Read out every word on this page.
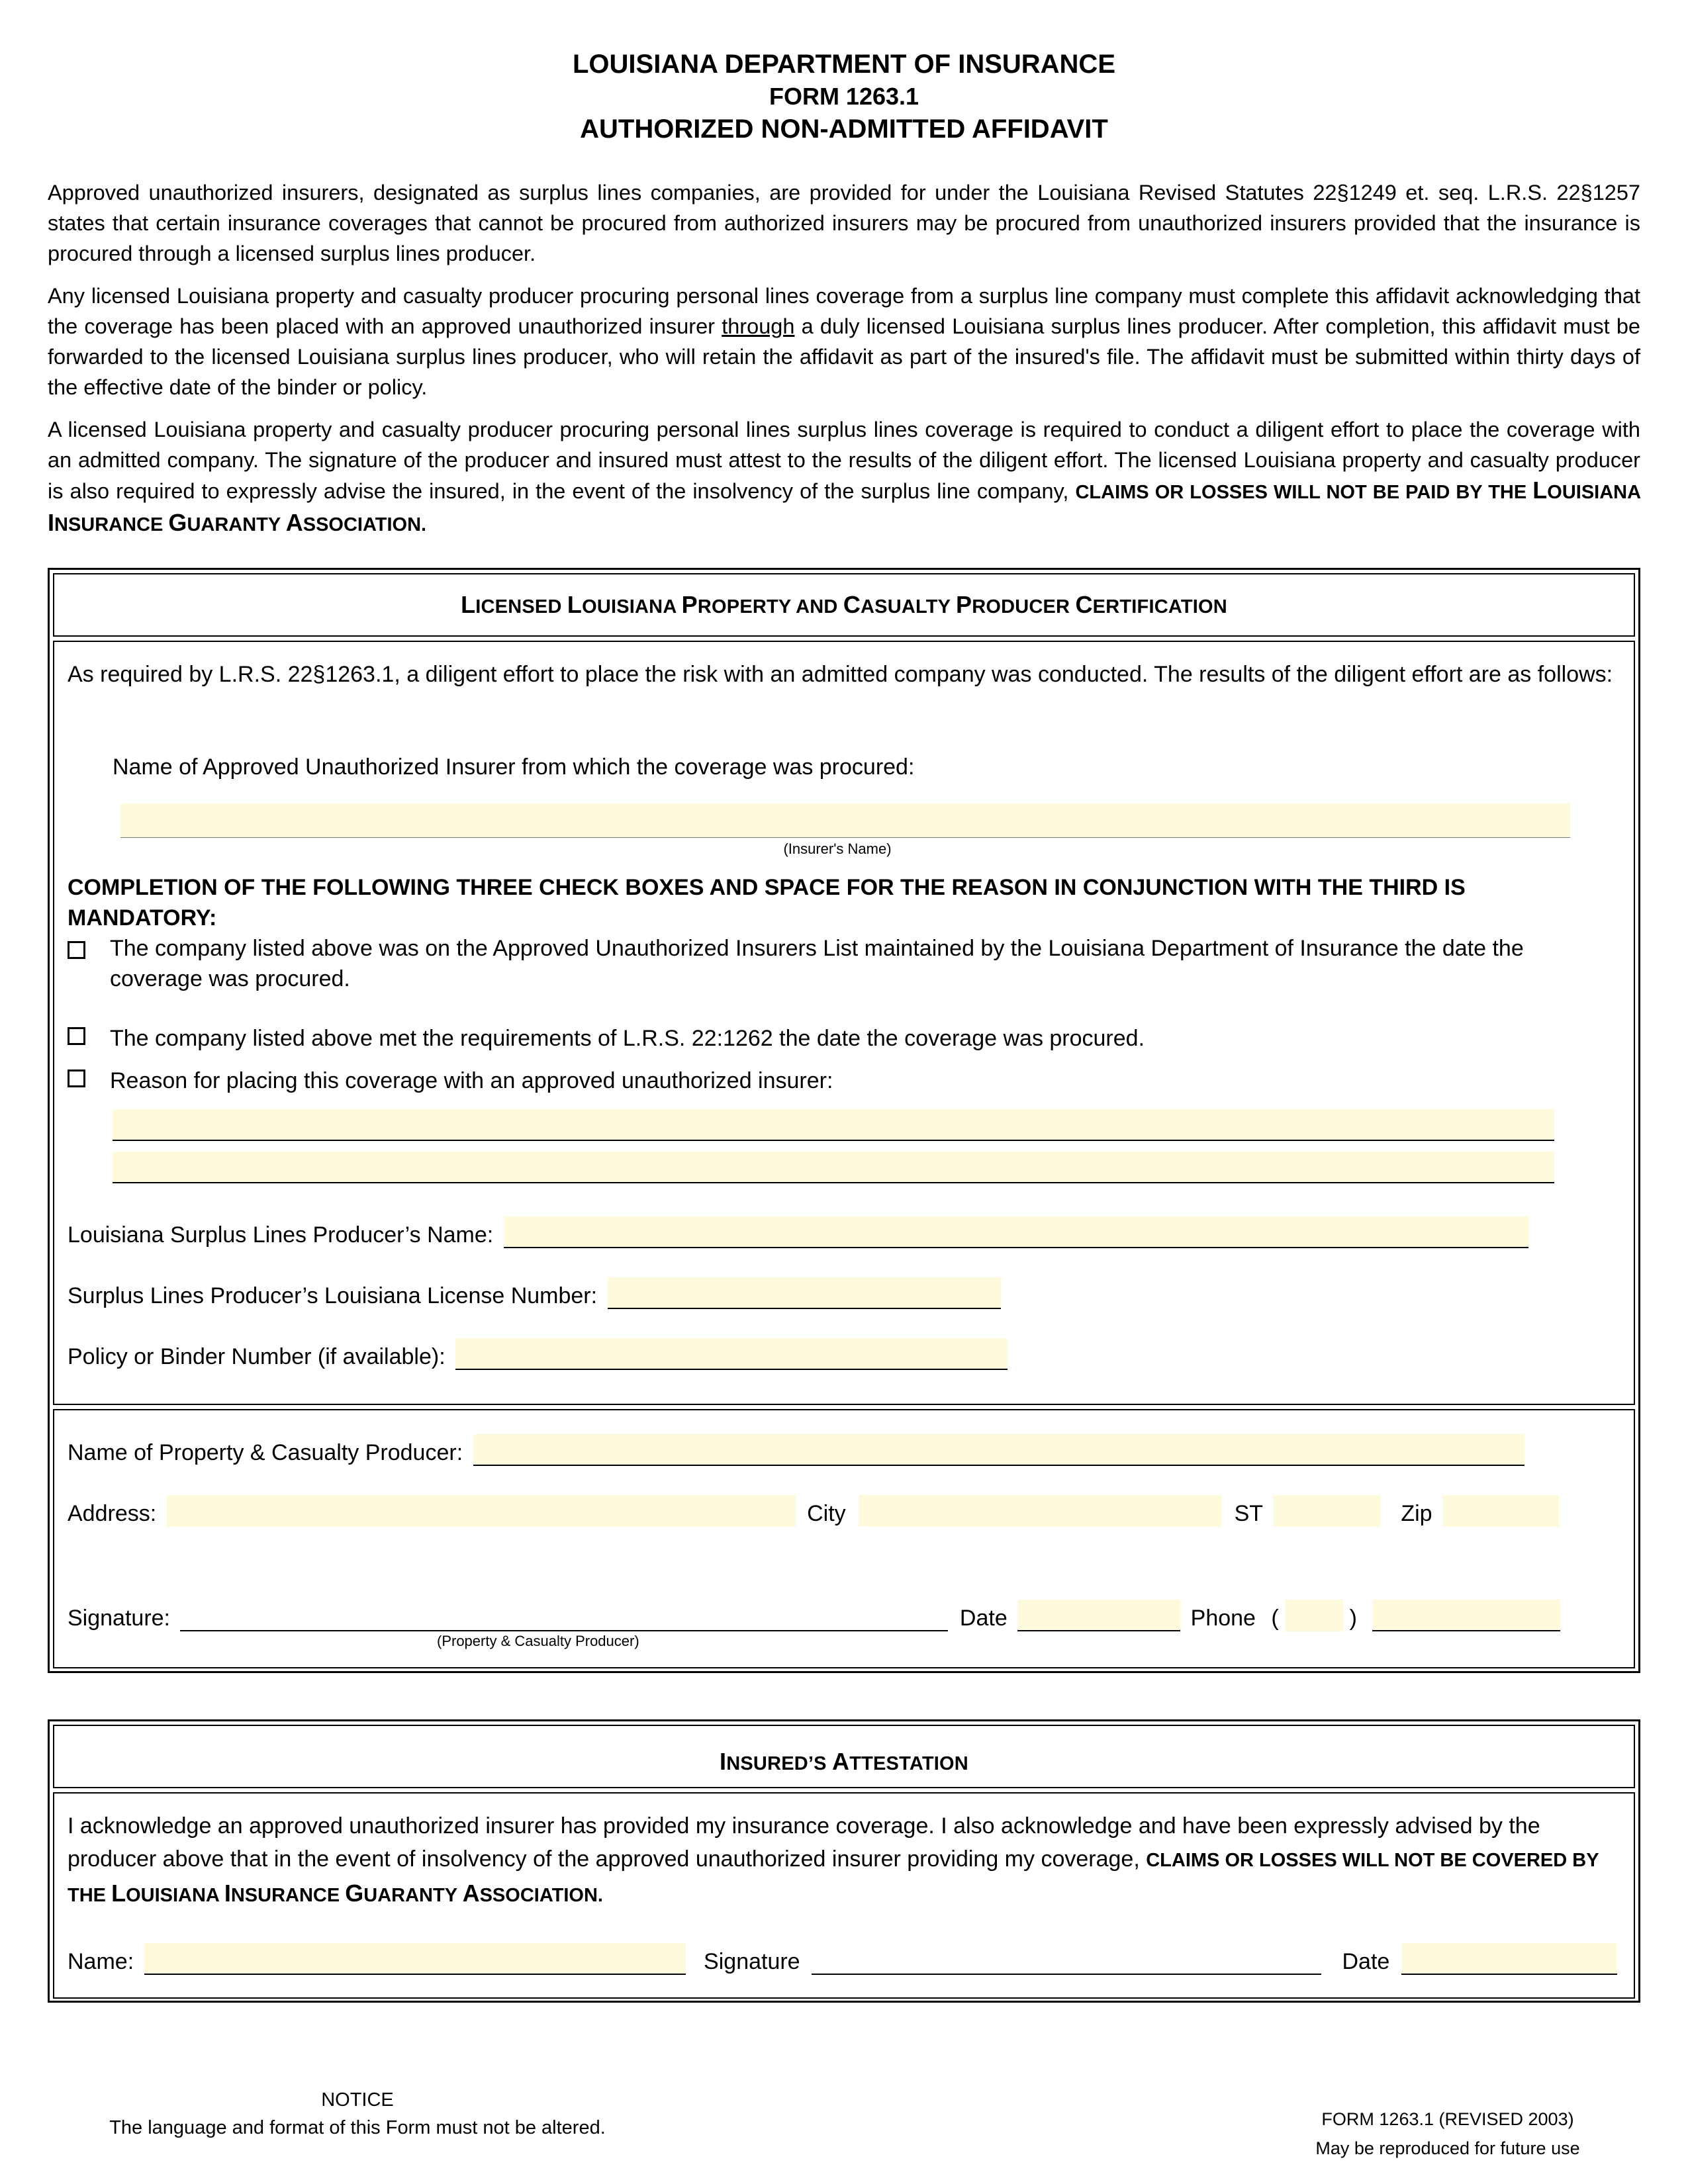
LOUISIANA DEPARTMENT OF INSURANCE
FORM 1263.1
AUTHORIZED NON-ADMITTED AFFIDAVIT

Approved unauthorized insurers, designated as surplus lines companies, are provided for under the Louisiana Revised Statutes 22§1249 et. seq. L.R.S. 22§1257 states that certain insurance coverages that cannot be procured from authorized insurers may be procured from unauthorized insurers provided that the insurance is procured through a licensed surplus lines producer.

Any licensed Louisiana property and casualty producer procuring personal lines coverage from a surplus line company must complete this affidavit acknowledging that the coverage has been placed with an approved unauthorized insurer through a duly licensed Louisiana surplus lines producer. After completion, this affidavit must be forwarded to the licensed Louisiana surplus lines producer, who will retain the affidavit as part of the insured's file. The affidavit must be submitted within thirty days of the effective date of the binder or policy.

A licensed Louisiana property and casualty producer procuring personal lines surplus lines coverage is required to conduct a diligent effort to place the coverage with an admitted company. The signature of the producer and insured must attest to the results of the diligent effort. The licensed Louisiana property and casualty producer is also required to expressly advise the insured, in the event of the insolvency of the surplus line company, CLAIMS OR LOSSES WILL NOT BE PAID BY THE LOUISIANA INSURANCE GUARANTY ASSOCIATION.

LICENSED LOUISIANA PROPERTY AND CASUALTY PRODUCER CERTIFICATION
As required by L.R.S. 22§1263.1, a diligent effort to place the risk with an admitted company was conducted. The results of the diligent effort are as follows:
Name of Approved Unauthorized Insurer from which the coverage was procured:
(Insurer's Name)
COMPLETION OF THE FOLLOWING THREE CHECK BOXES AND SPACE FOR THE REASON IN CONJUNCTION WITH THE THIRD IS MANDATORY:
The company listed above was on the Approved Unauthorized Insurers List maintained by the Louisiana Department of Insurance the date the coverage was procured.
The company listed above met the requirements of L.R.S. 22:1262 the date the coverage was procured.
Reason for placing this coverage with an approved unauthorized insurer:
Louisiana Surplus Lines Producer’s Name:
Surplus Lines Producer’s Louisiana License Number:
Policy or Binder Number (if available):
Name of Property & Casualty Producer:
Address:	City	ST	Zip
Signature:	Date	Phone (	)
(Property & Casualty Producer)
INSURED’S ATTESTATION
I acknowledge an approved unauthorized insurer has provided my insurance coverage. I also acknowledge and have been expressly advised by the producer above that in the event of insolvency of the approved unauthorized insurer providing my coverage, CLAIMS OR LOSSES WILL NOT BE COVERED BY THE LOUISIANA INSURANCE GUARANTY ASSOCIATION.
Name:	Signature	Date
NOTICE
The language and format of this Form must not be altered.	FORM 1263.1 (REVISED 2003)
May be reproduced for future use
